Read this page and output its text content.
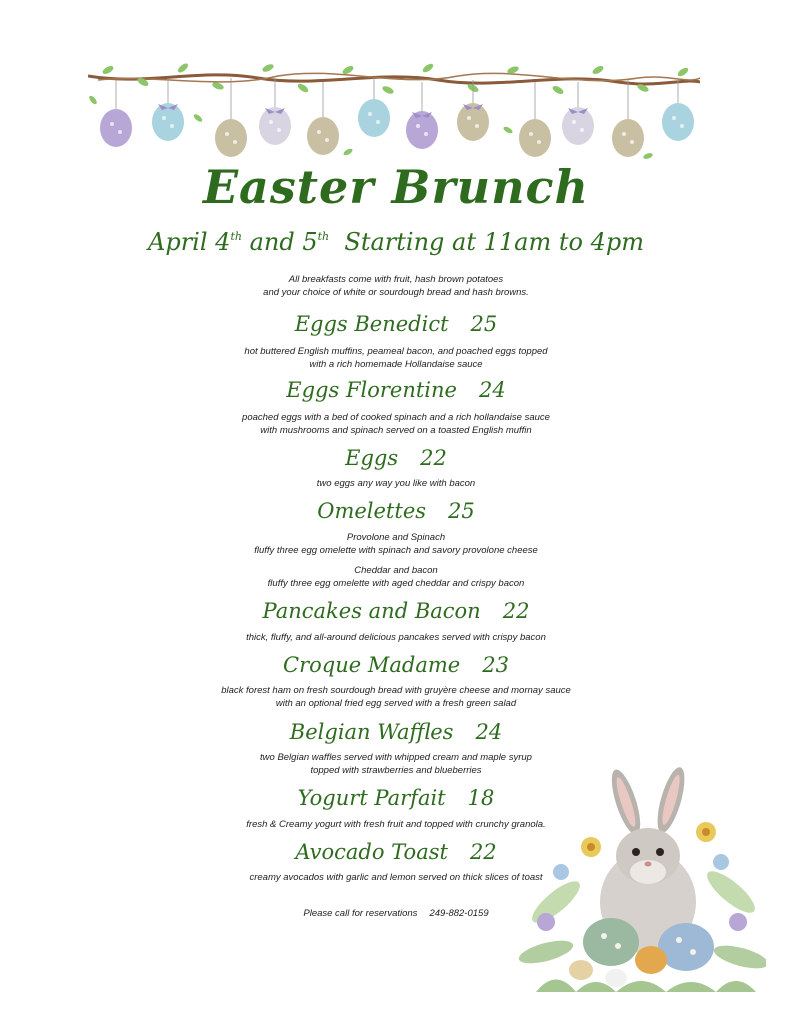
Easter Brunch
April 4th and 5th Starting at 11am to 4pm

All breakfasts come with fruit, hash brown potatoes
and your choice of white or sourdough bread and hash browns.

Eggs Benedict 25

hot buttered English muffins, peameal bacon, and poached eggs topped
with a rich homemade Hollandaise sauce

Eggs Florentine 24

poached eggs with a bed of cooked spinach and a rich hollandaise sauce
with mushrooms and spinach served on a toasted English muffin

Eggs 22

two eggs any way you like with bacon

Omelettes 25

Provolone and Spinach
fluffy three egg omelette with spinach and savory provolone cheese

Cheddar and bacon
fluffy three egg omelette with aged cheddar and crispy bacon

Pancakes and Bacon 22

thick, fluffy, and all-around delicious pancakes served with crispy bacon

Croque Madame 23

black forest ham on fresh sourdough bread with gruyère cheese and mornay sauce
with an optional fried egg served with a fresh green salad

Belgian Waffles 24

two Belgian waffles served with whipped cream and maple syrup
topped with strawberries and blueberries

Yogurt Parfait 18

fresh & Creamy yogurt with fresh fruit and topped with crunchy granola.

Avocado Toast 22

creamy avocados with garlic and lemon served on thick slices of toast

Please call for reservations 249-882-0159
